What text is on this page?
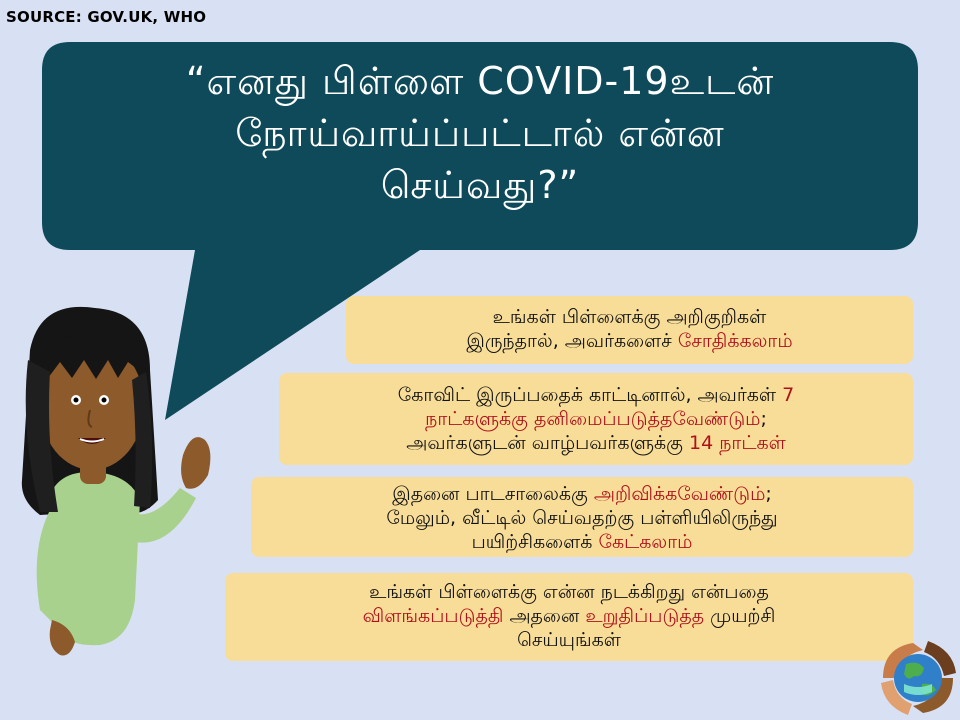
SOURCE: GOV.UK, WHO
“எனது பிள்ளை COVID-19உடன்
நோய்வாய்ப்பட்டால் என்ன
செய்வது?”
உங்கள் பிள்ளைக்கு அறிகுறிகள்
இருந்தால், அவர்களைச் சோதிக்கலாம்
கோவிட் இருப்பதைக் காட்டினால், அவர்கள் 7
நாட்களுக்கு தனிமைப்படுத்தவேண்டும்;
அவர்களுடன் வாழ்பவர்களுக்கு 14 நாட்கள்
இதனை பாடசாலைக்கு அறிவிக்கவேண்டும்;
மேலும், வீட்டில் செய்வதற்கு பள்ளியிலிருந்து
பயிற்சிகளைக் கேட்கலாம்
உங்கள் பிள்ளைக்கு என்ன நடக்கிறது என்பதை
விளங்கப்படுத்தி அதனை உறுதிப்படுத்த முயற்சி
செய்யுங்கள்
